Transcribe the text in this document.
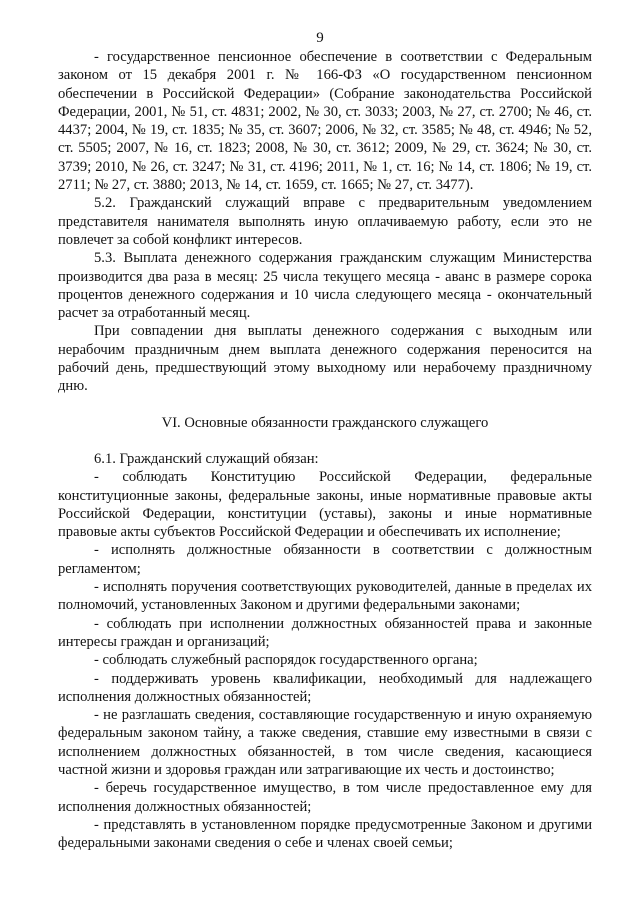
9

- государственное пенсионное обеспечение в соответствии с Федеральным законом от 15 декабря 2001 г. № 166-ФЗ «О государственном пенсионном обеспечении в Российской Федерации» (Собрание законодательства Российской Федерации, 2001, № 51, ст. 4831; 2002, № 30, ст. 3033; 2003, № 27, ст. 2700; № 46, ст. 4437; 2004, № 19, ст. 1835; № 35, ст. 3607; 2006, № 32, ст. 3585; № 48, ст. 4946; № 52, ст. 5505; 2007, № 16, ст. 1823; 2008, № 30, ст. 3612; 2009, № 29, ст. 3624; № 30, ст. 3739; 2010, № 26, ст. 3247; № 31, ст. 4196; 2011, № 1, ст. 16; № 14, ст. 1806; № 19, ст. 2711; № 27, ст. 3880; 2013, № 14, ст. 1659, ст. 1665; № 27, ст. 3477).

5.2. Гражданский служащий вправе с предварительным уведомлением представителя нанимателя выполнять иную оплачиваемую работу, если это не повлечет за собой конфликт интересов.

5.3. Выплата денежного содержания гражданским служащим Министерства производится два раза в месяц: 25 числа текущего месяца - аванс в размере сорока процентов денежного содержания и 10 числа следующего месяца - окончательный расчет за отработанный месяц.

При совпадении дня выплаты денежного содержания с выходным или нерабочим праздничным днем выплата денежного содержания переносится на рабочий день, предшествующий этому выходному или нерабочему праздничному дню.

VI. Основные обязанности гражданского служащего

6.1. Гражданский служащий обязан:

- соблюдать Конституцию Российской Федерации, федеральные конституционные законы, федеральные законы, иные нормативные правовые акты Российской Федерации, конституции (уставы), законы и иные нормативные правовые акты субъектов Российской Федерации и обеспечивать их исполнение;

- исполнять должностные обязанности в соответствии с должностным регламентом;

- исполнять поручения соответствующих руководителей, данные в пределах их полномочий, установленных Законом и другими федеральными законами;

- соблюдать при исполнении должностных обязанностей права и законные интересы граждан и организаций;

- соблюдать служебный распорядок государственного органа;

- поддерживать уровень квалификации, необходимый для надлежащего исполнения должностных обязанностей;

- не разглашать сведения, составляющие государственную и иную охраняемую федеральным законом тайну, а также сведения, ставшие ему известными в связи с исполнением должностных обязанностей, в том числе сведения, касающиеся частной жизни и здоровья граждан или затрагивающие их честь и достоинство;

- беречь государственное имущество, в том числе предоставленное ему для исполнения должностных обязанностей;

- представлять в установленном порядке предусмотренные Законом и другими федеральными законами сведения о себе и членах своей семьи;
